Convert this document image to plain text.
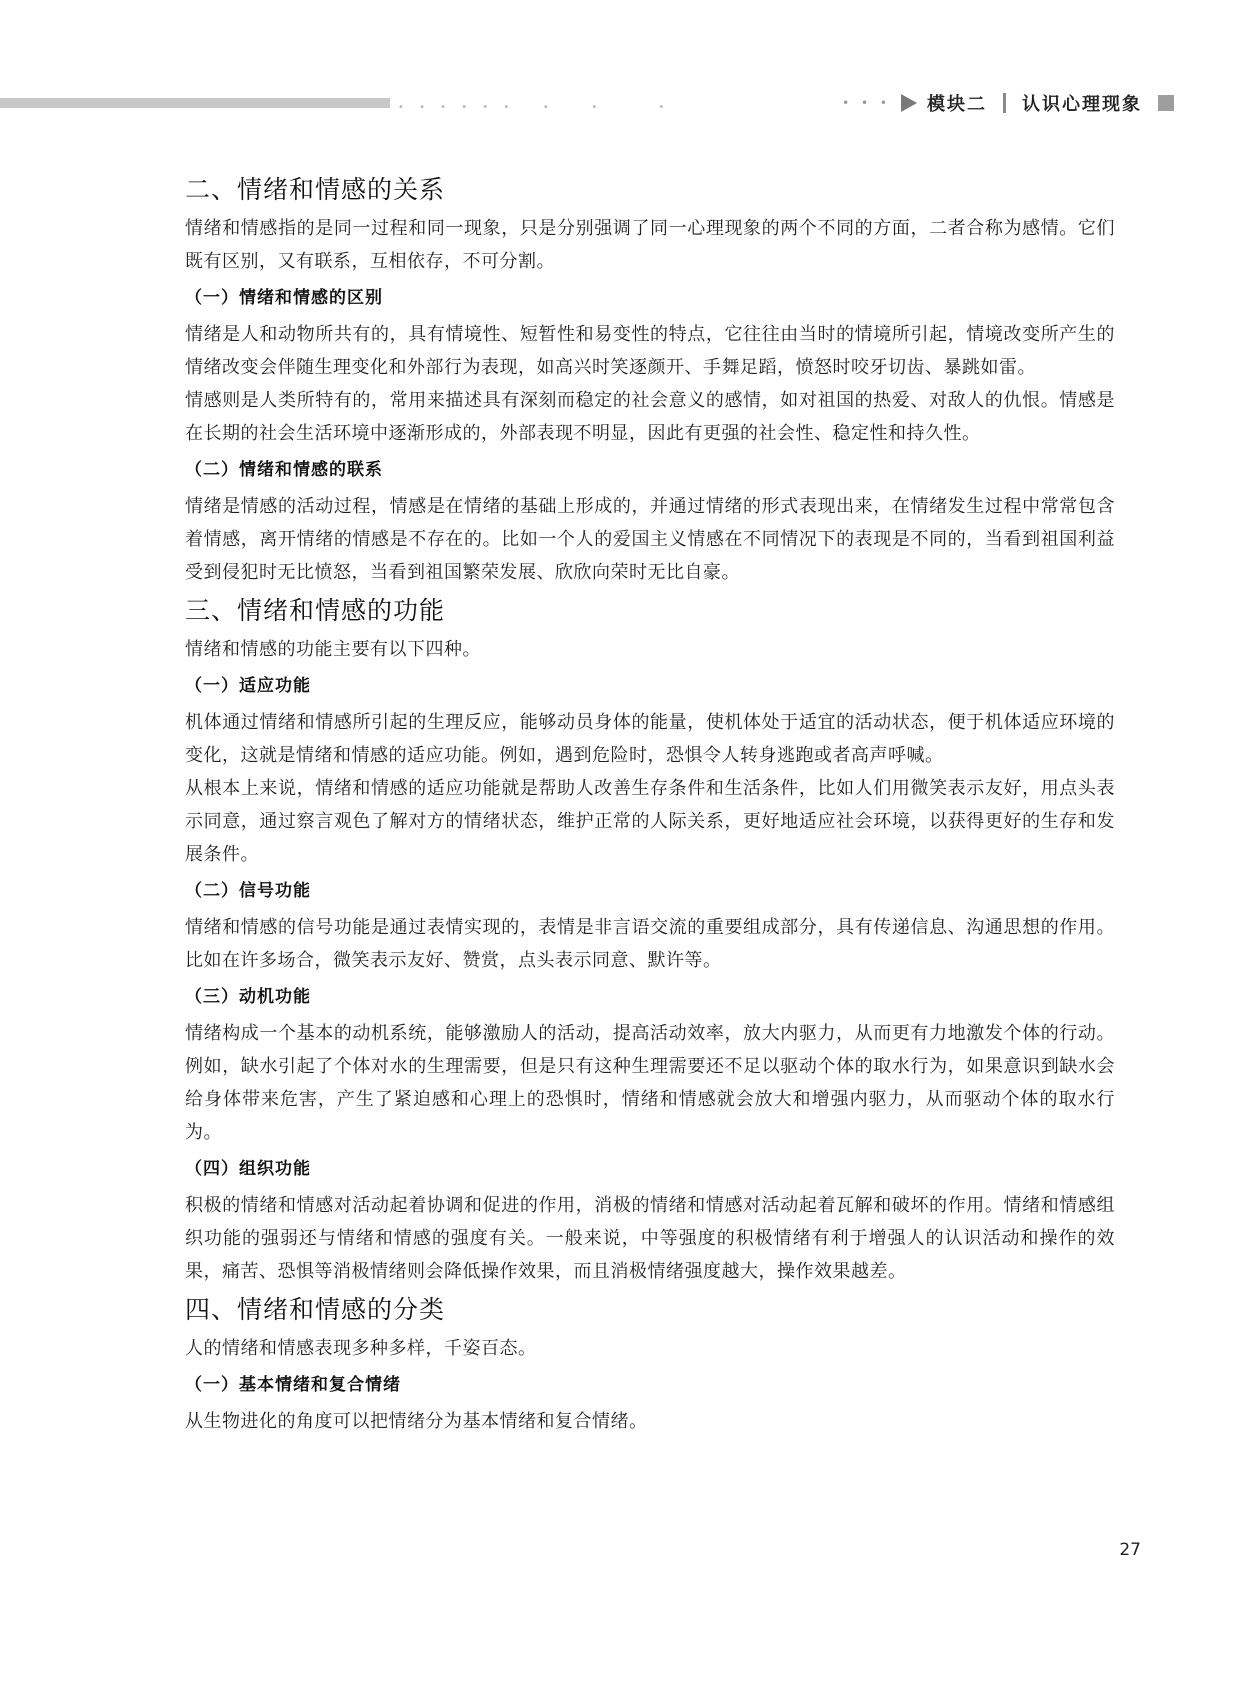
• • • • • •   •    •      •	• • • 模块二 认识心理现象
二、情绪和情感的关系

情绪和情感指的是同一过程和同一现象，只是分别强调了同一心理现象的两个不同的方面，二者合称为感情。它们既有区别，又有联系，互相依存，不可分割。

（一）情绪和情感的区别

情绪是人和动物所共有的，具有情境性、短暂性和易变性的特点，它往往由当时的情境所引起，情境改变所产生的情绪改变会伴随生理变化和外部行为表现，如高兴时笑逐颜开、手舞足蹈，愤怒时咬牙切齿、暴跳如雷。

情感则是人类所特有的，常用来描述具有深刻而稳定的社会意义的感情，如对祖国的热爱、对敌人的仇恨。情感是在长期的社会生活环境中逐渐形成的，外部表现不明显，因此有更强的社会性、稳定性和持久性。

（二）情绪和情感的联系

情绪是情感的活动过程，情感是在情绪的基础上形成的，并通过情绪的形式表现出来，在情绪发生过程中常常包含着情感，离开情绪的情感是不存在的。比如一个人的爱国主义情感在不同情况下的表现是不同的，当看到祖国利益受到侵犯时无比愤怒，当看到祖国繁荣发展、欣欣向荣时无比自豪。

三、情绪和情感的功能

情绪和情感的功能主要有以下四种。

（一）适应功能

机体通过情绪和情感所引起的生理反应，能够动员身体的能量，使机体处于适宜的活动状态，便于机体适应环境的变化，这就是情绪和情感的适应功能。例如，遇到危险时，恐惧令人转身逃跑或者高声呼喊。

从根本上来说，情绪和情感的适应功能就是帮助人改善生存条件和生活条件，比如人们用微笑表示友好，用点头表示同意，通过察言观色了解对方的情绪状态，维护正常的人际关系，更好地适应社会环境，以获得更好的生存和发展条件。

（二）信号功能

情绪和情感的信号功能是通过表情实现的，表情是非言语交流的重要组成部分，具有传递信息、沟通思想的作用。比如在许多场合，微笑表示友好、赞赏，点头表示同意、默许等。

（三）动机功能

情绪构成一个基本的动机系统，能够激励人的活动，提高活动效率，放大内驱力，从而更有力地激发个体的行动。例如，缺水引起了个体对水的生理需要，但是只有这种生理需要还不足以驱动个体的取水行为，如果意识到缺水会给身体带来危害，产生了紧迫感和心理上的恐惧时，情绪和情感就会放大和增强内驱力，从而驱动个体的取水行为。

（四）组织功能

积极的情绪和情感对活动起着协调和促进的作用，消极的情绪和情感对活动起着瓦解和破坏的作用。情绪和情感组织功能的强弱还与情绪和情感的强度有关。一般来说，中等强度的积极情绪有利于增强人的认识活动和操作的效果，痛苦、恐惧等消极情绪则会降低操作效果，而且消极情绪强度越大，操作效果越差。

四、情绪和情感的分类

人的情绪和情感表现多种多样，千姿百态。

（一）基本情绪和复合情绪

从生物进化的角度可以把情绪分为基本情绪和复合情绪。

27
